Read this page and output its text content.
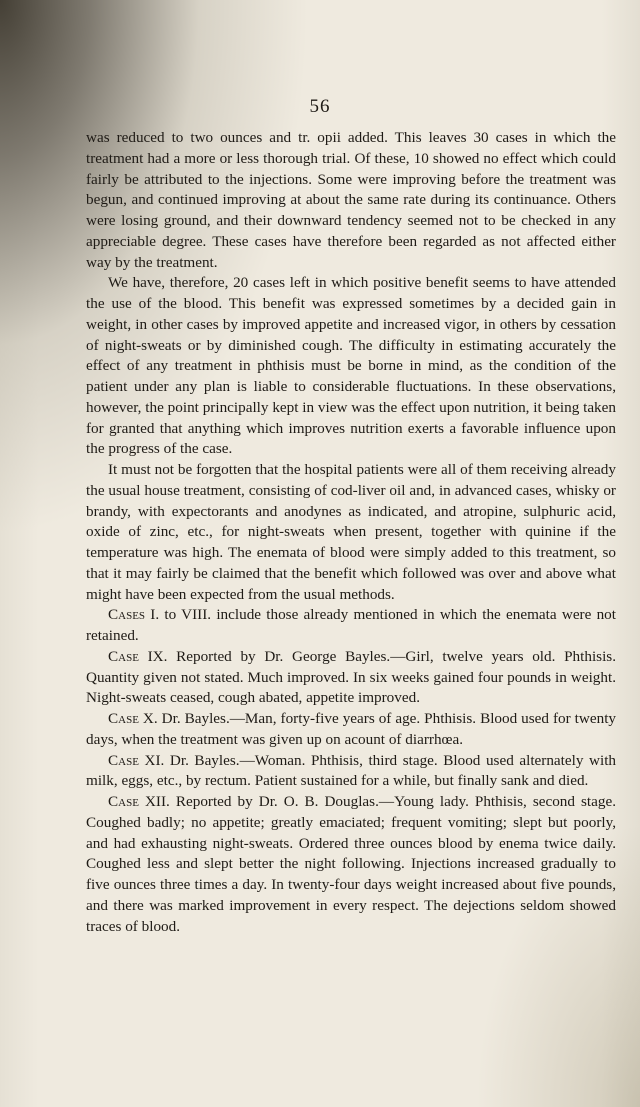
56

was reduced to two ounces and tr. opii added. This leaves 30 cases in which the treatment had a more or less thorough trial. Of these, 10 showed no effect which could fairly be attributed to the injections. Some were improving before the treatment was begun, and continued improving at about the same rate during its continuance. Others were losing ground, and their downward tendency seemed not to be checked in any appreciable degree. These cases have therefore been regarded as not affected either way by the treatment.

We have, therefore, 20 cases left in which positive benefit seems to have attended the use of the blood. This benefit was expressed sometimes by a decided gain in weight, in other cases by improved appetite and increased vigor, in others by cessation of night-sweats or by diminished cough. The difficulty in estimating accurately the effect of any treatment in phthisis must be borne in mind, as the condition of the patient under any plan is liable to considerable fluctuations. In these observations, however, the point principally kept in view was the effect upon nutrition, it being taken for granted that anything which improves nutrition exerts a favorable influence upon the progress of the case.

It must not be forgotten that the hospital patients were all of them receiving already the usual house treatment, consisting of cod-liver oil and, in advanced cases, whisky or brandy, with expectorants and anodynes as indicated, and atropine, sulphuric acid, oxide of zinc, etc., for night-sweats when present, together with quinine if the temperature was high. The enemata of blood were simply added to this treatment, so that it may fairly be claimed that the benefit which followed was over and above what might have been expected from the usual methods.

Cases I. to VIII. include those already mentioned in which the enemata were not retained.

Case IX. Reported by Dr. George Bayles.—Girl, twelve years old. Phthisis. Quantity given not stated. Much improved. In six weeks gained four pounds in weight. Night-sweats ceased, cough abated, appetite improved.

Case X. Dr. Bayles.—Man, forty-five years of age. Phthisis. Blood used for twenty days, when the treatment was given up on acount of diarrhœa.

Case XI. Dr. Bayles.—Woman. Phthisis, third stage. Blood used alternately with milk, eggs, etc., by rectum. Patient sustained for a while, but finally sank and died.

Case XII. Reported by Dr. O. B. Douglas.—Young lady. Phthisis, second stage. Coughed badly; no appetite; greatly emaciated; frequent vomiting; slept but poorly, and had exhausting night-sweats. Ordered three ounces blood by enema twice daily. Coughed less and slept better the night following. Injections increased gradually to five ounces three times a day. In twenty-four days weight increased about five pounds, and there was marked improvement in every respect. The dejections seldom showed traces of blood.
